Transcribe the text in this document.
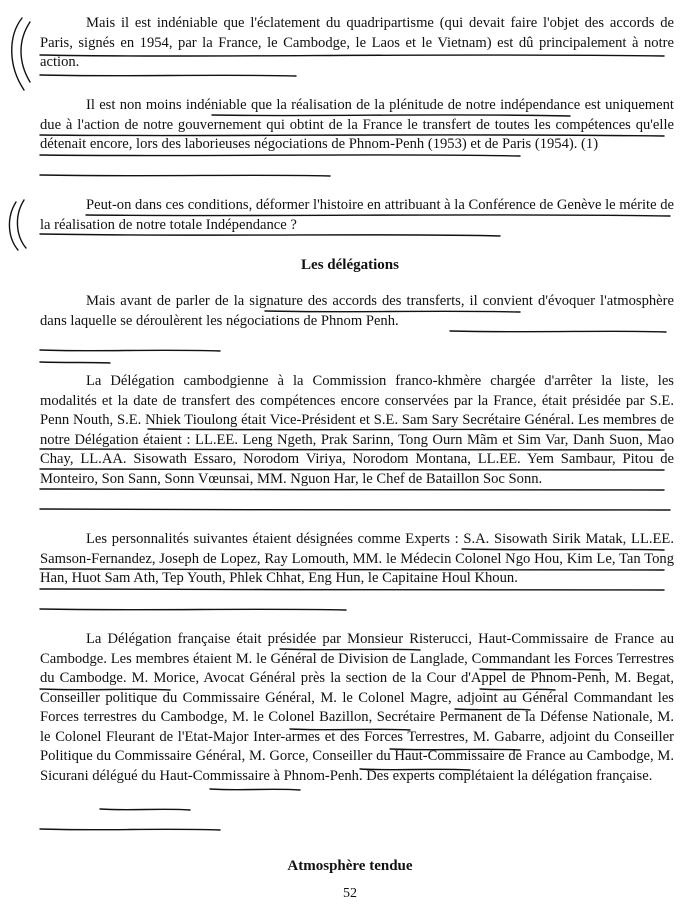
Mais il est indéniable que l'éclatement du quadripartisme (qui devait faire l'objet des accords de Paris, signés en 1954, par la France, le Cambodge, le Laos et le Vietnam) est dû principalement à notre action.

Il est non moins indéniable que la réalisation de la plénitude de notre indépendance est uniquement due à l'action de notre gouvernement qui obtint de la France le transfert de toutes les compétences qu'elle détenait encore, lors des laborieuses négociations de Phnom-Penh (1953) et de Paris (1954). (1)

Peut-on dans ces conditions, déformer l'histoire en attribuant à la Conférence de Genève le mérite de la réalisation de notre totale Indépendance ?

Les délégations

Mais avant de parler de la signature des accords des transferts, il convient d'évoquer l'atmosphère dans laquelle se déroulèrent les négociations de Phnom Penh.

La Délégation cambodgienne à la Commission franco-khmère chargée d'arrêter la liste, les modalités et la date de transfert des compétences encore conservées par la France, était présidée par S.E. Penn Nouth, S.E. Nhiek Tioulong était Vice-Président et S.E. Sam Sary Secrétaire Général. Les membres de notre Délégation étaient : LL.EE. Leng Ngeth, Prak Sarinn, Tong Ourn Mãm et Sim Var, Danh Suon, Mao Chay, LL.AA. Sisowath Essaro, Norodom Viriya, Norodom Montana, LL.EE. Yem Sambaur, Pitou de Monteiro, Son Sann, Sonn Vœunsai, MM. Nguon Har, le Chef de Bataillon Soc Sonn.

Les personnalités suivantes étaient désignées comme Experts : S.A. Sisowath Sirik Matak, LL.EE. Samson-Fernandez, Joseph de Lopez, Ray Lomouth, MM. le Médecin Colonel Ngo Hou, Kim Le, Tan Tong Han, Huot Sam Ath, Tep Youth, Phlek Chhat, Eng Hun, le Capitaine Houl Khoun.

La Délégation française était présidée par Monsieur Risterucci, Haut-Commissaire de France au Cambodge. Les membres étaient M. le Général de Division de Langlade, Commandant les Forces Terrestres du Cambodge. M. Morice, Avocat Général près la section de la Cour d'Appel de Phnom-Penh, M. Begat, Conseiller politique du Commissaire Général, M. le Colonel Magre, adjoint au Général Commandant les Forces terrestres du Cambodge, M. le Colonel Bazillon, Secrétaire Permanent de la Défense Nationale, M. le Colonel Fleurant de l'Etat-Major Inter-armes et des Forces Terrestres, M. Gabarre, adjoint du Conseiller Politique du Commissaire Général, M. Gorce, Conseiller du Haut-Commissaire de France au Cambodge, M. Sicurani délégué du Haut-Commissaire à Phnom-Penh. Des experts complétaient la délégation française.

Atmosphère tendue

52
